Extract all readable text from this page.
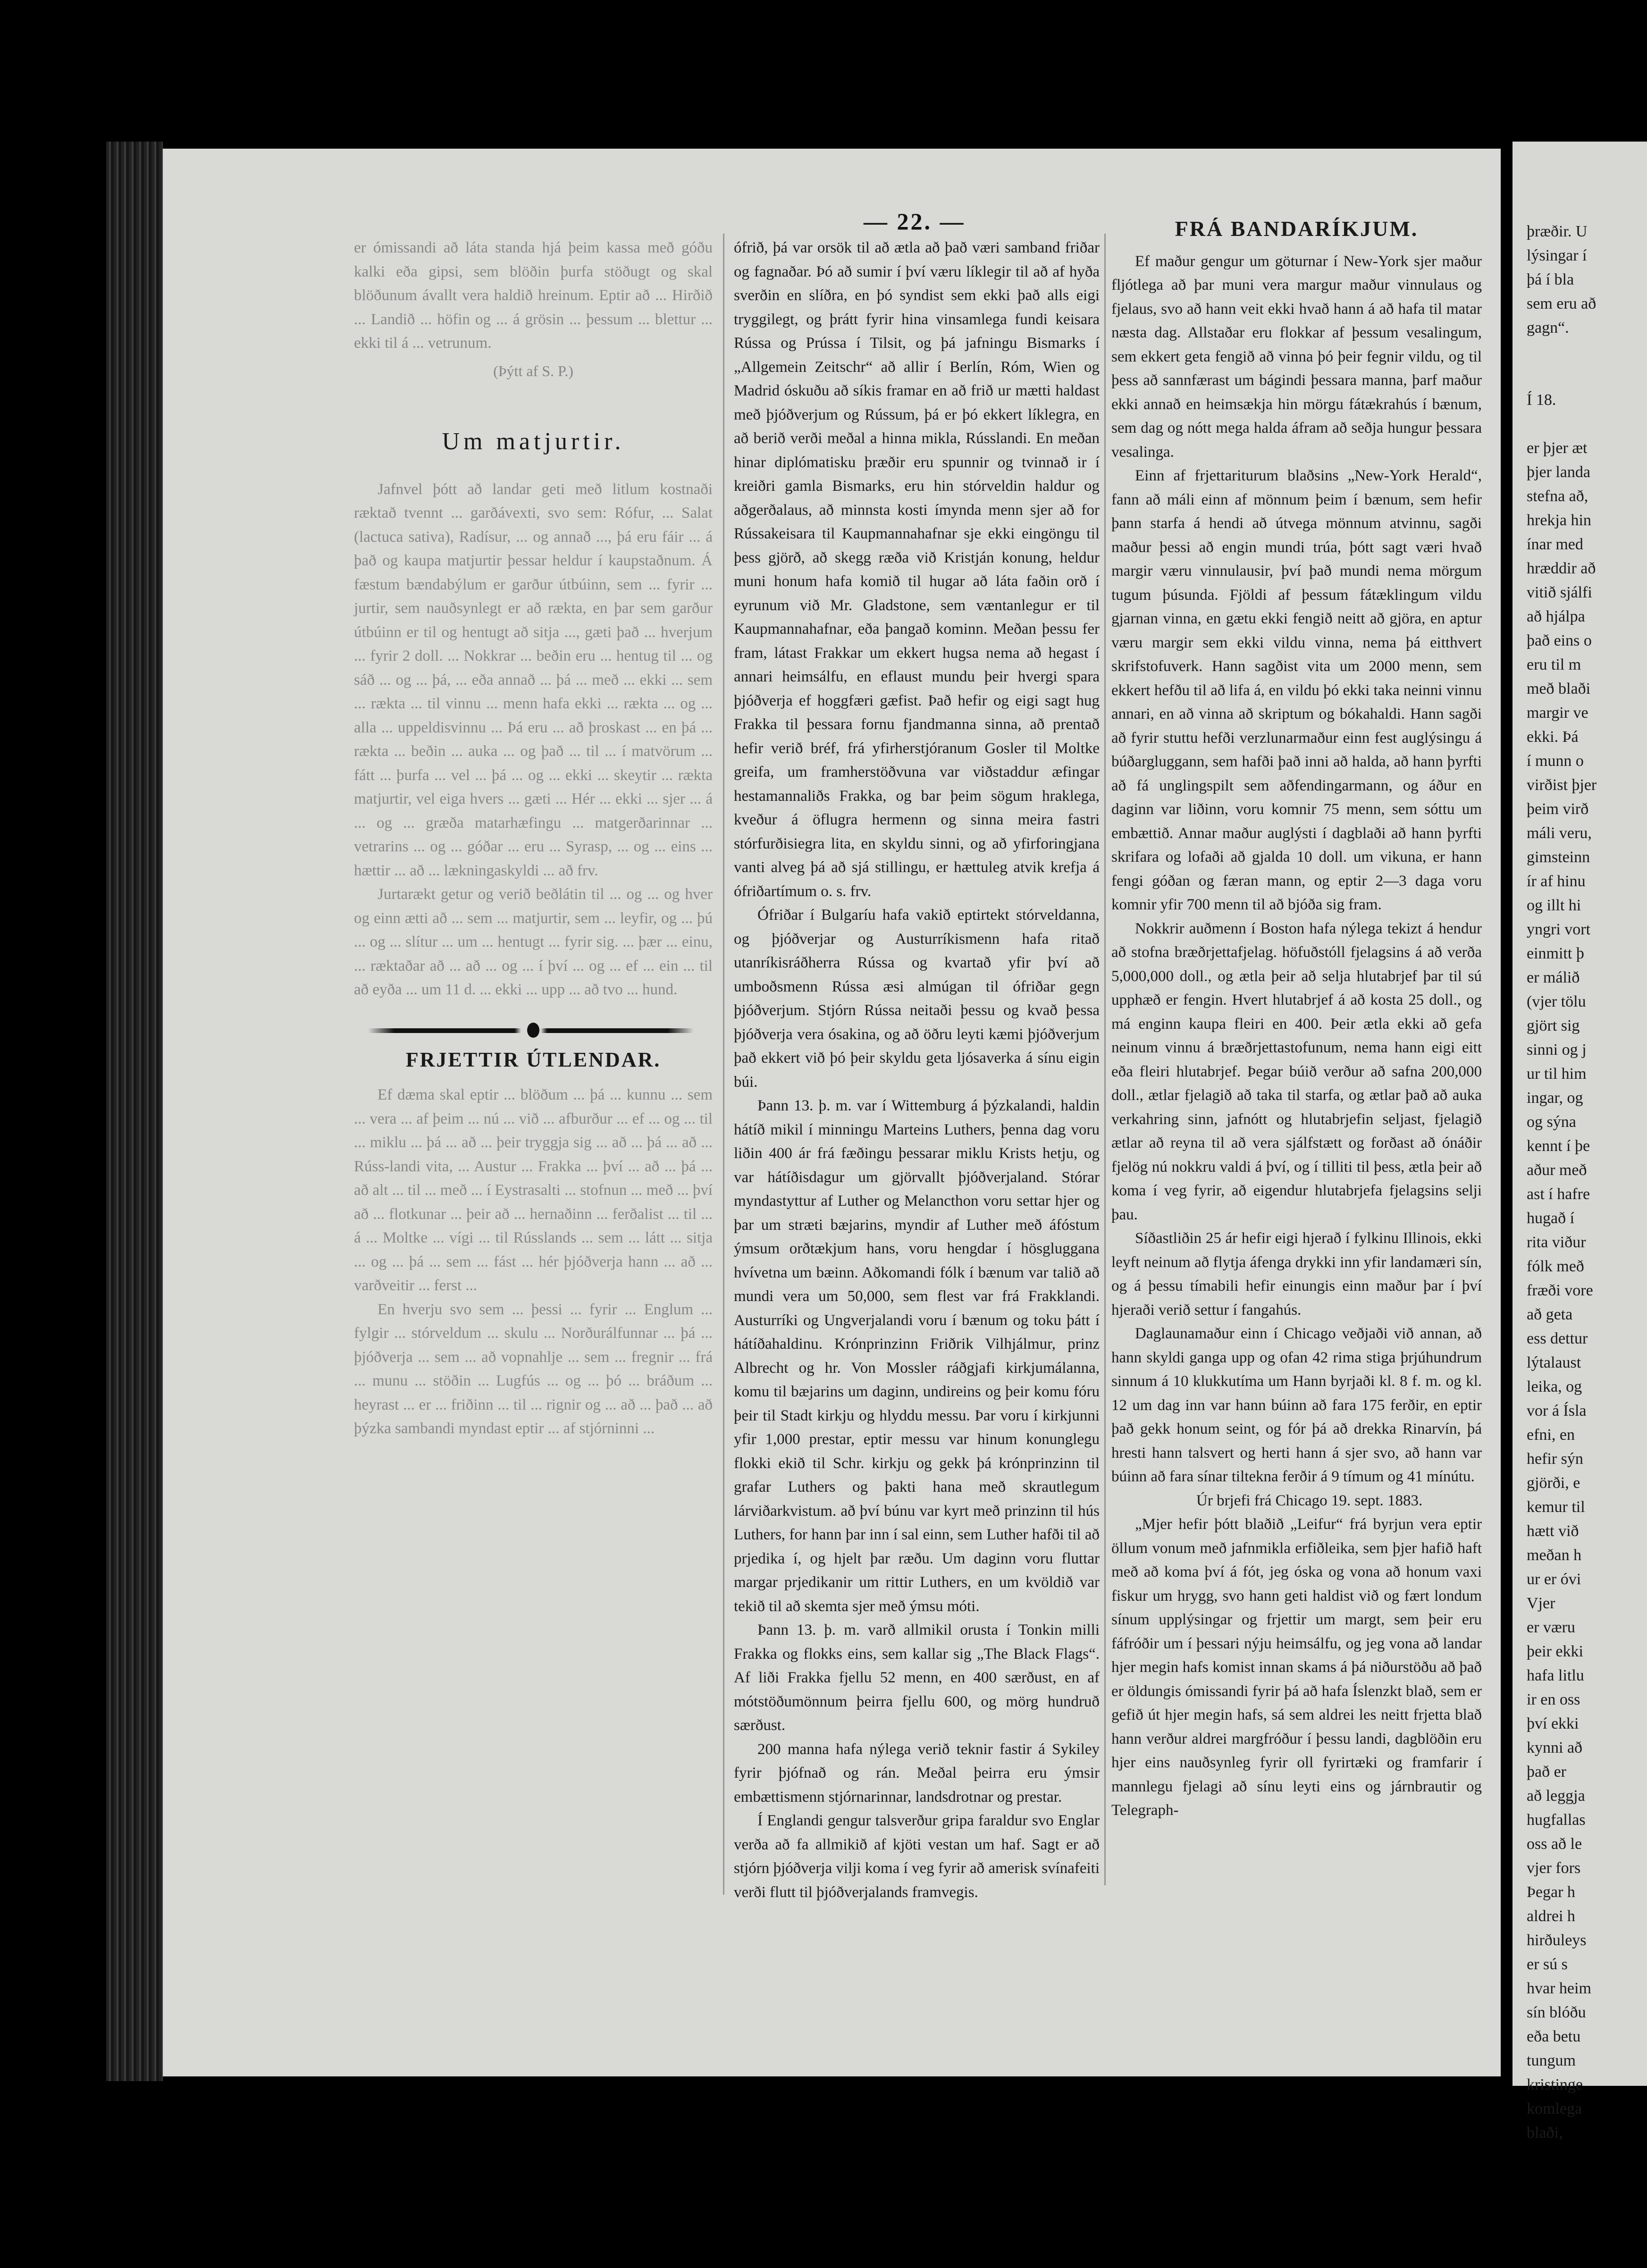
— 22. —

er ómissandi að láta standa hjá þeim kassa með góðu kalki eða gipsi, sem blöðin þurfa stöðugt og skal blöðunum ávallt vera haldið hreinum. Eptir að ... Hirðið ... Landið ... höfin og ... á grösin ... þessum ... blettur ... ekki til á ... vetrunum.

(Þýtt af S. P.)

Um matjurtir.

Jafnvel þótt að landar geti með litlum kostnaði ræktað tvennt ... garðávexti, svo sem: Rófur, ... Salat (lactuca sativa), Radísur, ... og annað ..., þá eru fáir ... á það og kaupa matjurtir þessar heldur í kaupstaðnum. Á fæstum bændabýlum er garður útbúinn, sem ... fyrir ... jurtir, sem nauðsynlegt er að rækta, en þar sem garður útbúinn er til og hentugt að sitja ..., gæti það ... hverjum ... fyrir 2 doll. ... Nokkrar ... beðin eru ... hentug til ... og sáð ... og ... þá, ... eða annað ... þá ... með ... ekki ... sem ... rækta ... til vinnu ... menn hafa ekki ... rækta ... og ... alla ... uppeldisvinnu ... Þá eru ... að þroskast ... en þá ... rækta ... beðin ... auka ... og það ... til ... í matvörum ... fátt ... þurfa ... vel ... þá ... og ... ekki ... skeytir ... rækta matjurtir, vel eiga hvers ... gæti ... Hér ... ekki ... sjer ... á ... og ... græða matarhæfingu ... matgerðarinnar ... vetrarins ... og ... góðar ... eru ... Syrasp, ... og ... eins ... hættir ... að ... lækningaskyldi ... að frv.

Jurtarækt getur og verið beðlátin til ... og ... og hver og einn ætti að ... sem ... matjurtir, sem ... leyfir, og ... þú ... og ... slítur ... um ... hentugt ... fyrir sig. ... þær ... einu, ... ræktaðar að ... að ... og ... í því ... og ... ef ... ein ... til að eyða ... um 11 d. ... ekki ... upp ... að tvo ... hund.

FRJETTIR ÚTLENDAR.

Ef dæma skal eptir ... blöðum ... þá ... kunnu ... sem ... vera ... af þeim ... nú ... við ... afburður ... ef ... og ... til ... miklu ... þá ... að ... þeir tryggja sig ... að ... þá ... að ... Rúss-landi vita, ... Austur ... Frakka ... því ... að ... þá ... að alt ... til ... með ... í Eystrasalti ... stofnun ... með ... því að ... flotkunar ... þeir að ... hernaðinn ... ferðalist ... til ... á ... Moltke ... vígi ... til Rússlands ... sem ... látt ... sitja ... og ... þá ... sem ... fást ... hér þjóðverja hann ... að ... varðveitir ... ferst ...

En hverju svo sem ... þessi ... fyrir ... Englum ... fylgir ... stórveldum ... skulu ... Norðurálfunnar ... þá ... þjóðverja ... sem ... að vopnahlje ... sem ... fregnir ... frá ... munu ... stöðin ... Lugfús ... og ... þó ... bráðum ... heyrast ... er ... friðinn ... til ... rignir og ... að ... það ... að þýzka sambandi myndast eptir ... af stjórninni ...

ófrið, þá var orsök til að ætla að það væri samband friðar og fagnaðar. Þó að sumir í því væru líklegir til að af hyða sverðin en slíðra, en þó syndist sem ekki það alls eigi tryggilegt, og þrátt fyrir hina vinsamlega fundi keisara Rússa og Prússa í Tilsit, og þá jafningu Bismarks í „Allgemein Zeitschr“ að allir í Berlín, Róm, Wien og Madrid óskuðu að síkis framar en að frið ur mætti haldast með þjóðverjum og Rússum, þá er þó ekkert líklegra, en að berið verði meðal a hinna mikla, Rússlandi. En meðan hinar diplómatisku þræðir eru spunnir og tvinnað ir í kreiðri gamla Bismarks, eru hin stórveldin haldur og aðgerðalaus, að minnsta kosti ímynda menn sjer að for Rússakeisara til Kaupmannahafnar sje ekki eingöngu til þess gjörð, að skegg ræða við Kristján konung, heldur muni honum hafa komið til hugar að láta faðin orð í eyrunum við Mr. Gladstone, sem væntanlegur er til Kaupmannahafnar, eða þangað kominn. Meðan þessu fer fram, látast Frakkar um ekkert hugsa nema að hegast í annari heimsálfu, en eflaust mundu þeir hvergi spara þjóðverja ef hoggfæri gæfist. Það hefir og eigi sagt hug Frakka til þessara fornu fjandmanna sinna, að prentað hefir verið bréf, frá yfirherstjóranum Gosler til Moltke greifa, um framherstöðvuna var viðstaddur æfingar hestamannaliðs Frakka, og bar þeim sögum hraklega, kveður á öflugra hermenn og sinna meira fastri stórfurðisiegra lita, en skyldu sinni, og að yfirforingjana vanti alveg þá að sjá stillingu, er hættuleg atvik krefja á ófriðartímum o. s. frv.

Ófriðar í Bulgaríu hafa vakið eptirtekt stórveldanna, og þjóðverjar og Austurríkismenn hafa ritað utanríkisráðherra Rússa og kvartað yfir því að umboðsmenn Rússa æsi almúgan til ófriðar gegn þjóðverjum. Stjórn Rússa neitaði þessu og kvað þessa þjóðverja vera ósakina, og að öðru leyti kæmi þjóðverjum það ekkert við þó þeir skyldu geta ljósaverka á sínu eigin búi.

Þann 13. þ. m. var í Wittemburg á þýzkalandi, haldin hátíð mikil í minningu Marteins Luthers, þenna dag voru liðin 400 ár frá fæðingu þessarar miklu Krists hetju, og var hátíðisdagur um gjörvallt þjóðverjaland. Stórar myndastyttur af Luther og Melancthon voru settar hjer og þar um stræti bæjarins, myndir af Luther með áfóstum ýmsum orðtækjum hans, voru hengdar í hösgluggana hvívetna um bæinn. Aðkomandi fólk í bænum var talið að mundi vera um 50,000, sem flest var frá Frakklandi. Austurríki og Ungverjalandi voru í bænum og toku þátt í hátíðahaldinu. Krónprinzinn Friðrik Vilhjálmur, prinz Albrecht og hr. Von Mossler ráðgjafi kirkjumálanna, komu til bæjarins um daginn, undireins og þeir komu fóru þeir til Stadt kirkju og hlyddu messu. Þar voru í kirkjunni yfir 1,000 prestar, eptir messu var hinum konunglegu flokki ekið til Schr. kirkju og gekk þá krónprinzinn til grafar Luthers og þakti hana með skrautlegum lárviðarkvistum. að því búnu var kyrt með prinzinn til hús Luthers, for hann þar inn í sal einn, sem Luther hafði til að prjedika í, og hjelt þar ræðu. Um daginn voru fluttar margar prjedikanir um rittir Luthers, en um kvöldið var tekið til að skemta sjer með ýmsu móti.

Þann 13. þ. m. varð allmikil orusta í Tonkin milli Frakka og flokks eins, sem kallar sig „The Black Flags“. Af liði Frakka fjellu 52 menn, en 400 særðust, en af mótstöðumönnum þeirra fjellu 600, og mörg hundruð særðust.

200 manna hafa nýlega verið teknir fastir á Sykiley fyrir þjófnað og rán. Meðal þeirra eru ýmsir embættismenn stjórnarinnar, landsdrotnar og prestar.

Í Englandi gengur talsverður gripa faraldur svo Englar verða að fa allmikið af kjöti vestan um haf. Sagt er að stjórn þjóðverja vilji koma í veg fyrir að amerisk svínafeiti verði flutt til þjóðverjalands framvegis.

FRÁ BANDARÍKJUM.

Ef maður gengur um göturnar í New-York sjer maður fljótlega að þar muni vera margur maður vinnulaus og fjelaus, svo að hann veit ekki hvað hann á að hafa til matar næsta dag. Allstaðar eru flokkar af þessum vesalingum, sem ekkert geta fengið að vinna þó þeir fegnir vildu, og til þess að sannfærast um bágindi þessara manna, þarf maður ekki annað en heimsækja hin mörgu fátækrahús í bænum, sem dag og nótt mega halda áfram að seðja hungur þessara vesalinga.

Einn af frjettariturum blaðsins „New-York Herald“, fann að máli einn af mönnum þeim í bænum, sem hefir þann starfa á hendi að útvega mönnum atvinnu, sagði maður þessi að engin mundi trúa, þótt sagt væri hvað margir væru vinnulausir, því það mundi nema mörgum tugum þúsunda. Fjöldi af þessum fátæklingum vildu gjarnan vinna, en gætu ekki fengið neitt að gjöra, en aptur væru margir sem ekki vildu vinna, nema þá eitthvert skrifstofuverk. Hann sagðist vita um 2000 menn, sem ekkert hefðu til að lifa á, en vildu þó ekki taka neinni vinnu annari, en að vinna að skriptum og bókahaldi. Hann sagði að fyrir stuttu hefði verzlunarmaður einn fest auglýsingu á búðargluggann, sem hafði það inni að halda, að hann þyrfti að fá unglingspilt sem aðfendingarmann, og áður en daginn var liðinn, voru komnir 75 menn, sem sóttu um embættið. Annar maður auglýsti í dagblaði að hann þyrfti skrifara og lofaði að gjalda 10 doll. um vikuna, er hann fengi góðan og færan mann, og eptir 2—3 daga voru komnir yfir 700 menn til að bjóða sig fram.

Nokkrir auðmenn í Boston hafa nýlega tekizt á hendur að stofna bræðrjettafjelag. höfuðstóll fjelagsins á að verða 5,000,000 doll., og ætla þeir að selja hlutabrjef þar til sú upphæð er fengin. Hvert hlutabrjef á að kosta 25 doll., og má enginn kaupa fleiri en 400. Þeir ætla ekki að gefa neinum vinnu á bræðrjettastofunum, nema hann eigi eitt eða fleiri hlutabrjef. Þegar búið verður að safna 200,000 doll., ætlar fjelagið að taka til starfa, og ætlar það að auka verkahring sinn, jafnótt og hlutabrjefin seljast, fjelagið ætlar að reyna til að vera sjálfstætt og forðast að ónáðir fjelög nú nokkru valdi á því, og í tilliti til þess, ætla þeir að koma í veg fyrir, að eigendur hlutabrjefa fjelagsins selji þau.

Síðastliðin 25 ár hefir eigi hjerað í fylkinu Illinois, ekki leyft neinum að flytja áfenga drykki inn yfir landamæri sín, og á þessu tímabili hefir einungis einn maður þar í því hjeraði verið settur í fangahús.

Daglaunamaður einn í Chicago veðjaði við annan, að hann skyldi ganga upp og ofan 42 rima stiga þrjúhundrum sinnum á 10 klukkutíma um Hann byrjaði kl. 8 f. m. og kl. 12 um dag inn var hann búinn að fara 175 ferðir, en eptir það gekk honum seint, og fór þá að drekka Rinarvín, þá hresti hann talsvert og herti hann á sjer svo, að hann var búinn að fara sínar tiltekna ferðir á 9 tímum og 41 mínútu.

Úr brjefi frá Chicago 19. sept. 1883.

„Mjer hefir þótt blaðið „Leifur“ frá byrjun vera eptir öllum vonum með jafnmikla erfiðleika, sem þjer hafið haft með að koma því á fót, jeg óska og vona að honum vaxi fiskur um hrygg, svo hann geti haldist við og fært londum sínum upplýsingar og frjettir um margt, sem þeir eru fáfróðir um í þessari nýju heimsálfu, og jeg vona að landar hjer megin hafs komist innan skams á þá niðurstöðu að það er öldungis ómissandi fyrir þá að hafa Íslenzkt blað, sem er gefið út hjer megin hafs, sá sem aldrei les neitt frjetta blað hann verður aldrei margfróður í þessu landi, dagblöðin eru hjer eins nauðsynleg fyrir oll fyrirtæki og framfarir í mannlegu fjelagi að sínu leyti eins og járnbrautir og Telegraph-

þræðir. U
lýsingar í
þá í bla
sem eru að
gagn“.

Í 18.

er þjer æt
þjer landa
stefna að,
hrekja hin
ínar med
hræddir að
vitið sjálfi
að hjálpa
það eins o
eru til m
með blaði
margir ve
ekki. Þá
í munn o
virðist þjer
þeim virð
máli veru,
gimsteinn
ír af hinu
og illt hi
yngri vort
einmitt þ
er málið
(vjer tölu
gjört sig
sinni og j
ur til him
ingar, og
og sýna
kennt í þe
aður með
ast í hafre
hugað í
rita viður
fólk með
fræði vore
að geta
ess dettur
lýtalaust
leika, og
vor á Ísla
efni, en
hefir sýn
gjörði, e
kemur til
hætt við
meðan h
ur er óvi
Vjer
er væru
þeir ekki
hafa litlu
ir en oss
því ekki
kynni að
það er
að leggja
hugfallas
oss að le
vjer fors
Þegar h
aldrei h
hirðuleys
er sú s
hvar heim
sín blóðu
eða betu
tungum
kristinge
komlega
blaði,
